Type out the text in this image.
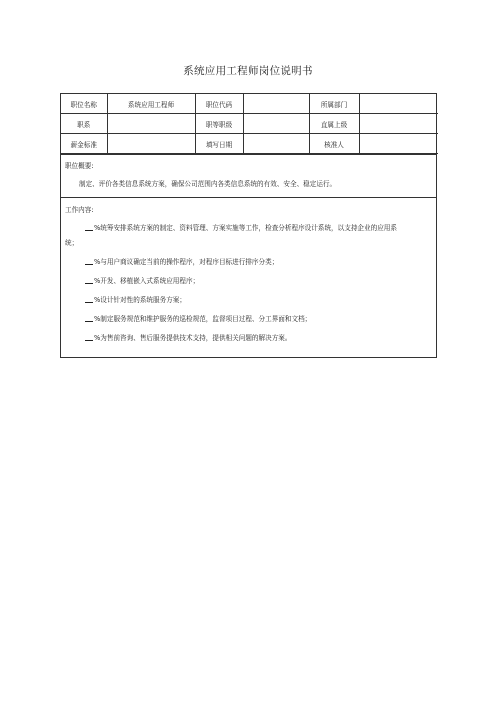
系统应用工程师岗位说明书
职位名称	系统应用工程师	职位代码		所属部门	
职系		职等职级		直属上级	
薪金标准		填写日期		核准人	
职位概要:
制定、评价各类信息系统方案，确保公司范围内各类信息系统的有效、安全、稳定运行。
工作内容:
%统筹安排系统方案的制定、资料管理、方案实施等工作，检查分析程序设计系统，以支持企业的应用系
统；
%与用户商议确定当前的操作程序，对程序目标进行排序分类；
%开发、移植嵌入式系统应用程序；
%设计针对性的系统服务方案；
%制定服务规范和维护服务的巡检规范，监督项目过程、分工界面和文档；
%为售前咨询、售后服务提供技术支持，提供相关问题的解决方案。
